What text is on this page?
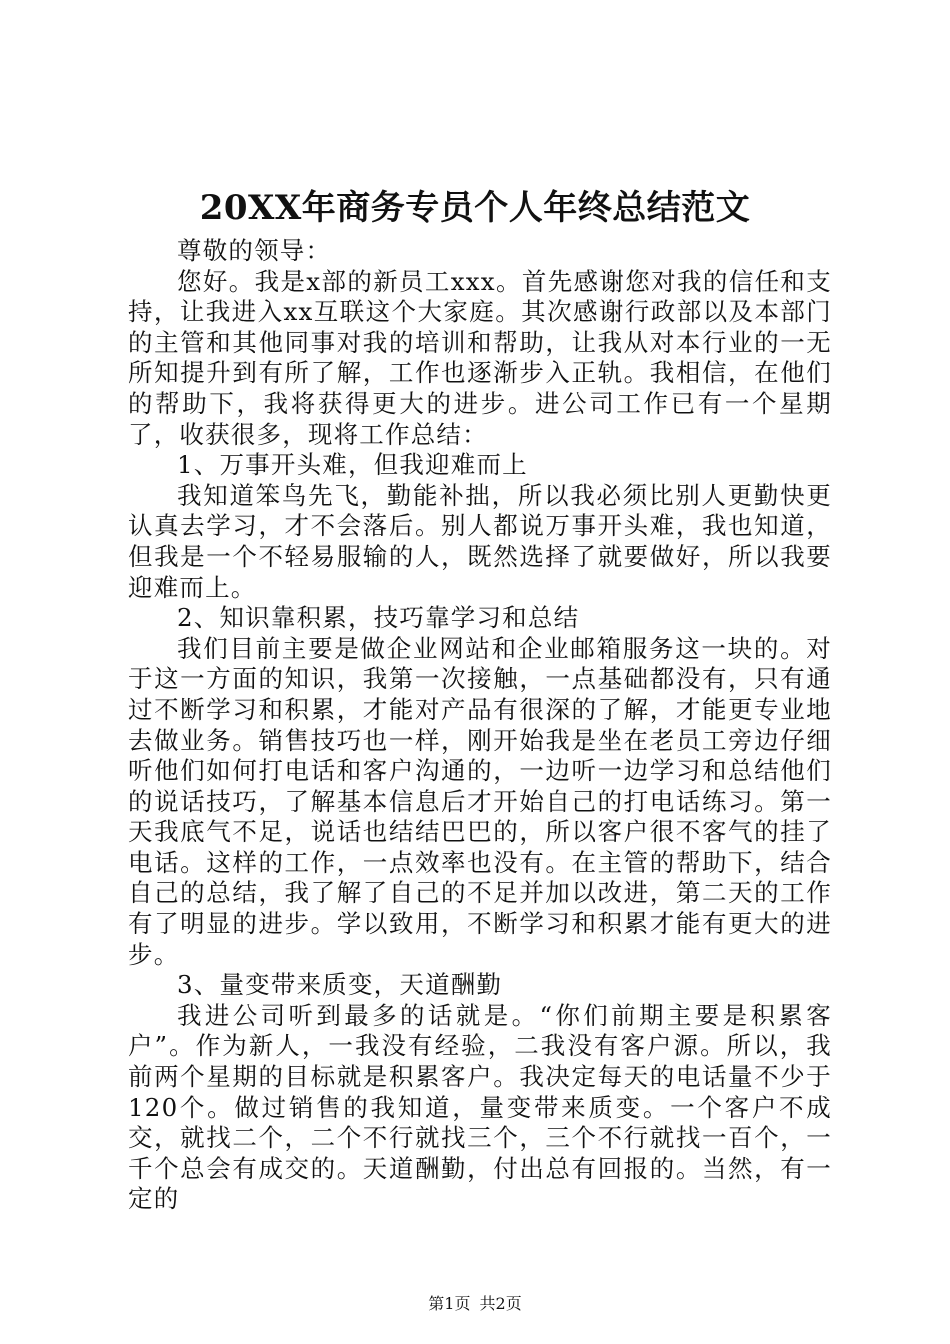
20XX年商务专员个人年终总结范文

尊敬的领导：

您好。我是x部的新员工xxx。首先感谢您对我的信任和支持，让我进入xx互联这个大家庭。其次感谢行政部以及本部门的主管和其他同事对我的培训和帮助，让我从对本行业的一无所知提升到有所了解，工作也逐渐步入正轨。我相信，在他们的帮助下，我将获得更大的进步。进公司工作已有一个星期了，收获很多，现将工作总结：

1、万事开头难，但我迎难而上

我知道笨鸟先飞，勤能补拙，所以我必须比别人更勤快更认真去学习，才不会落后。别人都说万事开头难，我也知道，但我是一个不轻易服输的人，既然选择了就要做好，所以我要迎难而上。

2、知识靠积累，技巧靠学习和总结

我们目前主要是做企业网站和企业邮箱服务这一块的。对于这一方面的知识，我第一次接触，一点基础都没有，只有通过不断学习和积累，才能对产品有很深的了解，才能更专业地去做业务。销售技巧也一样，刚开始我是坐在老员工旁边仔细听他们如何打电话和客户沟通的，一边听一边学习和总结他们的说话技巧，了解基本信息后才开始自己的打电话练习。第一天我底气不足，说话也结结巴巴的，所以客户很不客气的挂了电话。这样的工作，一点效率也没有。在主管的帮助下，结合自己的总结，我了解了自己的不足并加以改进，第二天的工作有了明显的进步。学以致用，不断学习和积累才能有更大的进步。

3、量变带来质变，天道酬勤

我进公司听到最多的话就是。“你们前期主要是积累客户”。作为新人，一我没有经验，二我没有客户源。所以，我前两个星期的目标就是积累客户。我决定每天的电话量不少于120个。做过销售的我知道，量变带来质变。一个客户不成交，就找二个，二个不行就找三个，三个不行就找一百个，一千个总会有成交的。天道酬勤，付出总有回报的。当然，有一定的

第1页 共2页
